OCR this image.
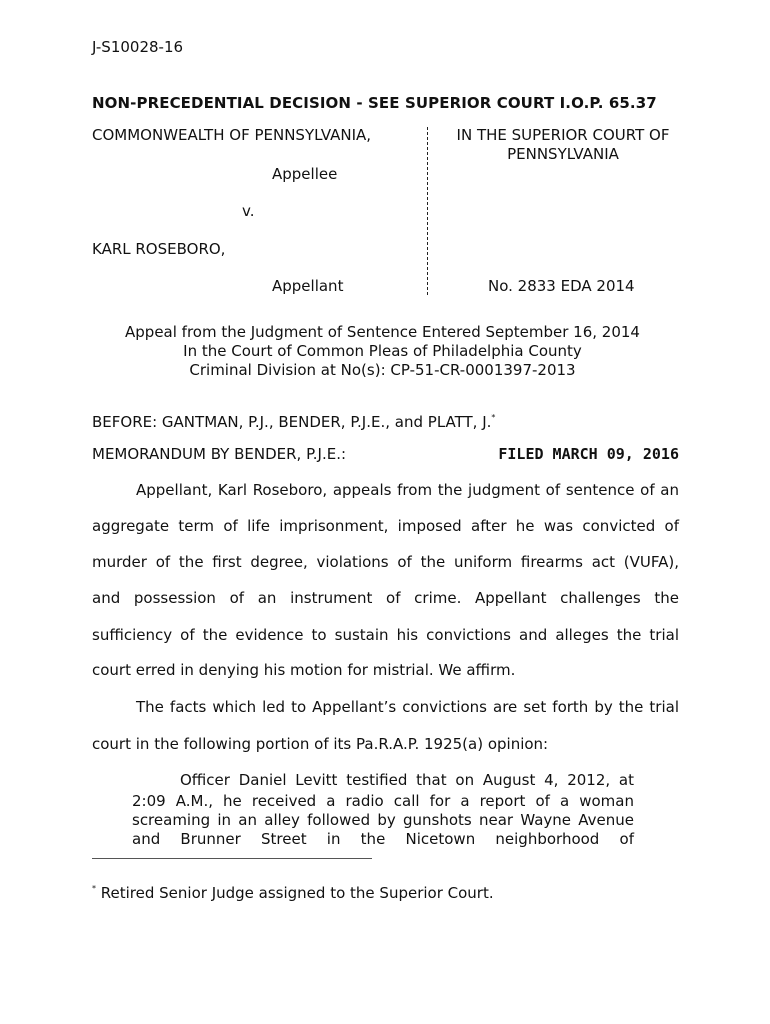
J-S10028-16
NON-PRECEDENTIAL DECISION - SEE SUPERIOR COURT I.O.P. 65.37
COMMONWEALTH OF PENNSYLVANIA,
Appellee
v.
KARL ROSEBORO,
Appellant
IN THE SUPERIOR COURT OF PENNSYLVANIA
No. 2833 EDA 2014
Appeal from the Judgment of Sentence Entered September 16, 2014
In the Court of Common Pleas of Philadelphia County
Criminal Division at No(s): CP-51-CR-0001397-2013
BEFORE: GANTMAN, P.J., BENDER, P.J.E., and PLATT, J.*
MEMORANDUM BY BENDER, P.J.E.:	FILED MARCH 09, 2016
Appellant, Karl Roseboro, appeals from the judgment of sentence of an
aggregate term of life imprisonment, imposed after he was convicted of
murder of the first degree, violations of the uniform firearms act (VUFA),
and possession of an instrument of crime. Appellant challenges the
sufficiency of the evidence to sustain his convictions and alleges the trial
court erred in denying his motion for mistrial. We affirm.
The facts which led to Appellant’s convictions are set forth by the trial
court in the following portion of its Pa.R.A.P. 1925(a) opinion:
Officer Daniel Levitt testified that on August 4, 2012, at
2:09 A.M., he received a radio call for a report of a woman
screaming in an alley followed by gunshots near Wayne Avenue
and Brunner Street in the Nicetown neighborhood of
* Retired Senior Judge assigned to the Superior Court.
